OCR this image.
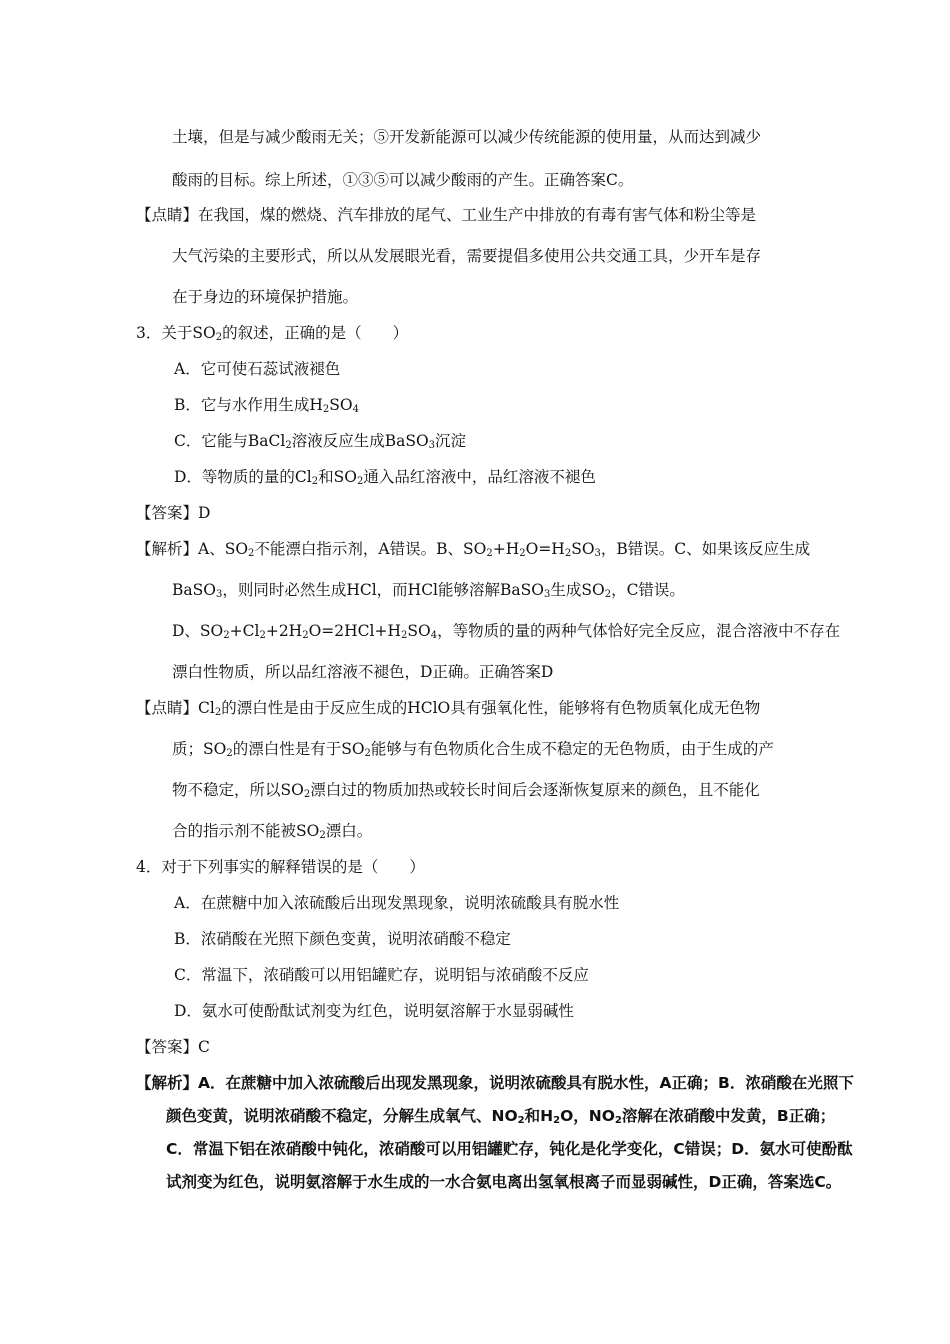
土壤，但是与减少酸雨无关；⑤开发新能源可以减少传统能源的使用量，从而达到减少
酸雨的目标。综上所述，①③⑤可以减少酸雨的产生。正确答案C。
【点睛】在我国，煤的燃烧、汽车排放的尾气、工业生产中排放的有毒有害气体和粉尘等是
大气污染的主要形式，所以从发展眼光看，需要提倡多使用公共交通工具，少开车是存
在于身边的环境保护措施。
3．关于$SO_2$的叙述，正确的是（　　）
A．它可使石蕊试液褪色
B．它与水作用生成$H_2SO_4$
C．它能与BaCl$_2$溶液反应生成BaSO$_3$沉淀
D．等物质的量的$Cl_2$和$SO_2$通入品红溶液中，品红溶液不褪色
【答案】D
【解析】A、$SO_2$不能漂白指示剂，A错误。B、$SO_2+H_2O=H_2SO_3$，B错误。C、如果该反应生成
BaSO$_3$，则同时必然生成HCl，而HCl能够溶解BaSO$_3$生成$SO_2$，C错误。
D、$SO_2+Cl_2+2H_2O=2HCl+H_2SO_4$，等物质的量的两种气体恰好完全反应，混合溶液中不存在
漂白性物质，所以品红溶液不褪色，D正确。正确答案D
【点睛】$Cl_2$的漂白性是由于反应生成的HClO具有强氧化性，能够将有色物质氧化成无色物
质；$SO_2$的漂白性是有于$SO_2$能够与有色物质化合生成不稳定的无色物质，由于生成的产
物不稳定，所以$SO_2$漂白过的物质加热或较长时间后会逐渐恢复原来的颜色，且不能化
合的指示剂不能被$SO_2$漂白。
4．对于下列事实的解释错误的是（　　）
A．在蔗糖中加入浓硫酸后出现发黑现象，说明浓硫酸具有脱水性
B．浓硝酸在光照下颜色变黄，说明浓硝酸不稳定
C．常温下，浓硝酸可以用铝罐贮存，说明铝与浓硝酸不反应
D．氨水可使酚酞试剂变为红色，说明氨溶解于水显弱碱性
【答案】C
【解析】A．在蔗糖中加入浓硫酸后出现发黑现象，说明浓硫酸具有脱水性，A正确；B．浓硝酸在光照下
颜色变黄，说明浓硝酸不稳定，分解生成氧气、$NO_2$和$H_2O$，$NO_2$溶解在浓硝酸中发黄，B正确；
C．常温下铝在浓硝酸中钝化，浓硝酸可以用铝罐贮存，钝化是化学变化，C错误；D．氨水可使酚酞
试剂变为红色，说明氨溶解于水生成的一水合氨电离出氢氧根离子而显弱碱性，D正确，答案选C。
